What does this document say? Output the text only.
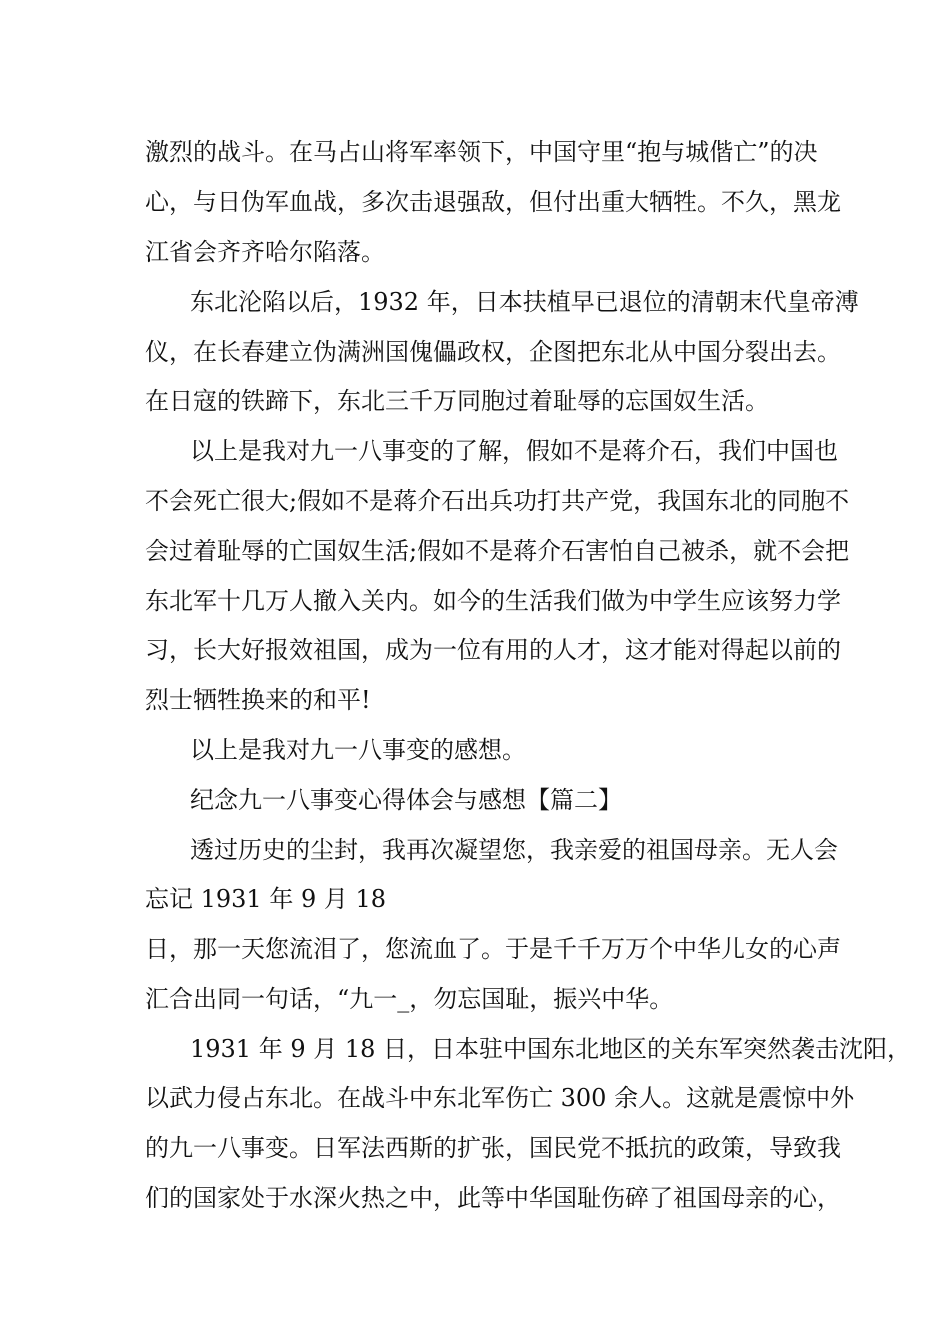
激烈的战斗。在马占山将军率领下，中国守里“抱与城偕亡”的决

心，与日伪军血战，多次击退强敌，但付出重大牺牲。不久，黑龙

江省会齐齐哈尔陷落。

东北沦陷以后，1932 年，日本扶植早已退位的清朝末代皇帝溥

仪，在长春建立伪满洲国傀儡政权，企图把东北从中国分裂出去。

在日寇的铁蹄下，东北三千万同胞过着耻辱的忘国奴生活。

以上是我对九一八事变的了解，假如不是蒋介石，我们中国也

不会死亡很大;假如不是蒋介石出兵功打共产党，我国东北的同胞不

会过着耻辱的亡国奴生活;假如不是蒋介石害怕自己被杀，就不会把

东北军十几万人撤入关内。如今的生活我们做为中学生应该努力学

习，长大好报效祖国，成为一位有用的人才，这才能对得起以前的

烈士牺牲换来的和平!

以上是我对九一八事变的感想。

纪念九一八事变心得体会与感想【篇二】

透过历史的尘封，我再次凝望您，我亲爱的祖国母亲。无人会

忘记 1931 年 9 月 18

日，那一天您流泪了，您流血了。于是千千万万个中华儿女的心声

汇合出同一句话，“九一_，勿忘国耻，振兴中华。

1931 年 9 月 18 日，日本驻中国东北地区的关东军突然袭击沈阳，

以武力侵占东北。在战斗中东北军伤亡 300 余人。这就是震惊中外

的九一八事变。日军法西斯的扩张，国民党不抵抗的政策，导致我

们的国家处于水深火热之中，此等中华国耻伤碎了祖国母亲的心，
